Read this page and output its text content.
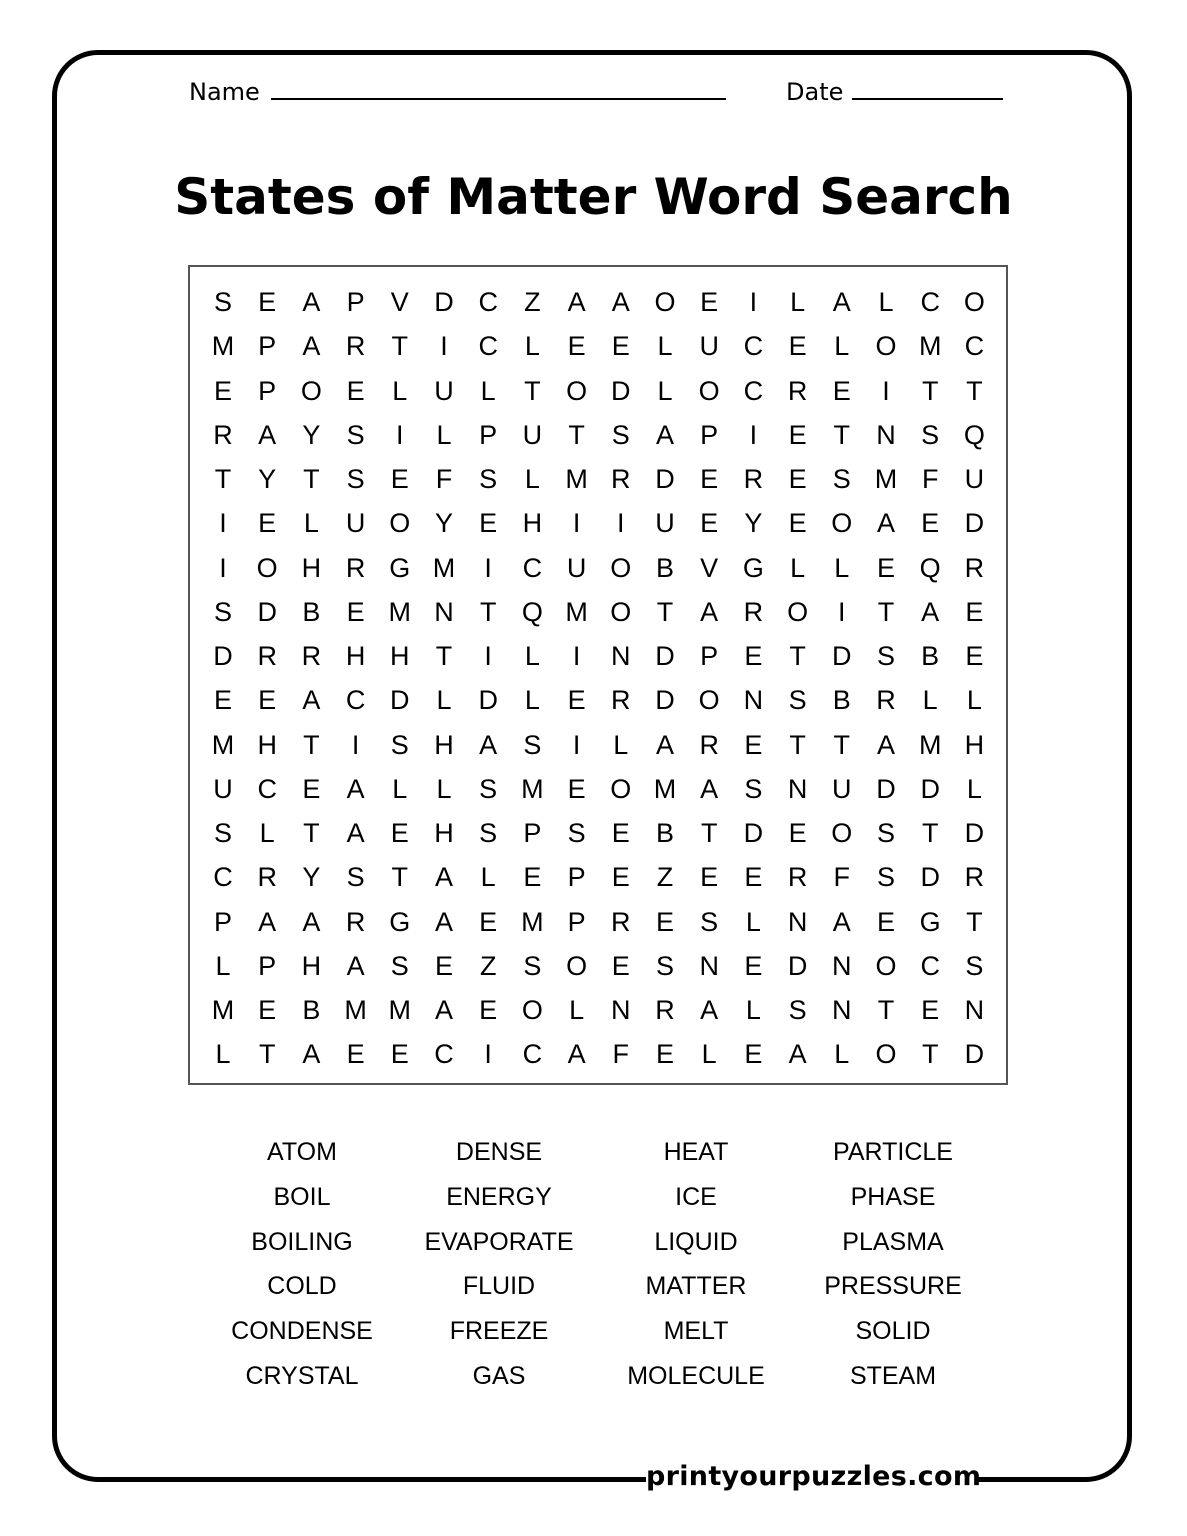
printyourpuzzles.com
Name	Date
States of Matter Word Search
S E A P V D C Z A A O E	I	L	A	L C O
M P A R T	I	C L	E E	L U C E	L O M C
E P O E	L U L	T O D L O C R E	I	T	T
R A Y S	I	L	P U T S A P	I	E T N S Q
T Y T S E F S	L M R D E R E S M F U
I	E	L U O Y E H	I	I	U E Y E O A E D
I	O H R G M	I	C U O B V G L	L	E Q R
S D B E M N T Q M O T A R O	I	T A E
D R R H H T	I	L	I	N D P E T D S B E
E E A C D L D L	E R D O N S B R L	L
M H T	I	S H A S	I	L	A R E T	T A M H
U C E A	L	L	S M E O M A S N U D D L
S	L	T A E H S P S E B T D E O S T D
C R Y S T A	L	E P E Z E E R F S D R
P A A R G A E M P R E S	L N A E G T
L	P H A S E Z S O E S N E D N O C S
M E B M M A E O L N R A	L	S N T E N
L	T A E E C	I	C A F E	L	E A	L O T D
ATOM	DENSE	HEAT	PARTICLE
BOIL	ENERGY	ICE	PHASE
BOILING	EVAPORATE	LIQUID	PLASMA
COLD	FLUID	MATTER	PRESSURE
CONDENSE	FREEZE	MELT	SOLID
CRYSTAL	GAS	MOLECULE	STEAM
